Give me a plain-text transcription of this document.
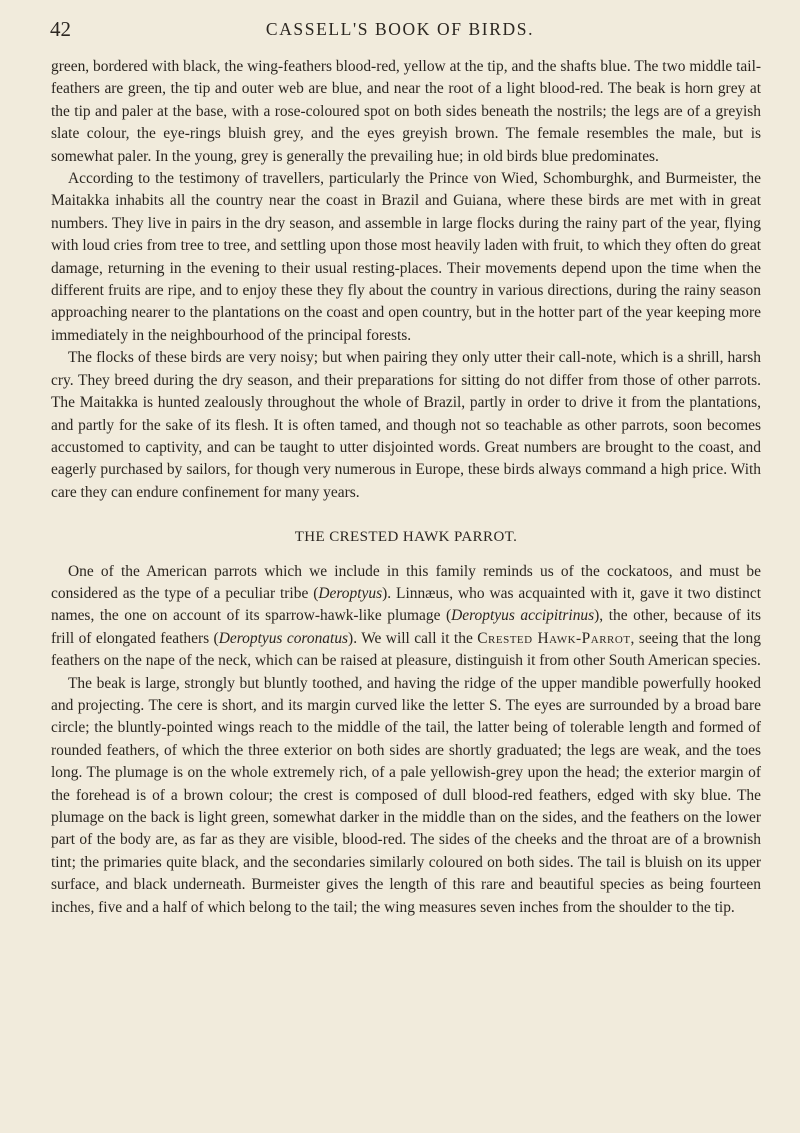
42	CASSELL'S BOOK OF BIRDS.

green, bordered with black, the wing-feathers blood-red, yellow at the tip, and the shafts blue. The two middle tail-feathers are green, the tip and outer web are blue, and near the root of a light blood-red. The beak is horn grey at the tip and paler at the base, with a rose-coloured spot on both sides beneath the nostrils; the legs are of a greyish slate colour, the eye-rings bluish grey, and the eyes greyish brown. The female resembles the male, but is somewhat paler. In the young, grey is generally the prevailing hue; in old birds blue predominates.

According to the testimony of travellers, particularly the Prince von Wied, Schomburghk, and Burmeister, the Maitakka inhabits all the country near the coast in Brazil and Guiana, where these birds are met with in great numbers. They live in pairs in the dry season, and assemble in large flocks during the rainy part of the year, flying with loud cries from tree to tree, and settling upon those most heavily laden with fruit, to which they often do great damage, returning in the evening to their usual resting-places. Their movements depend upon the time when the different fruits are ripe, and to enjoy these they fly about the country in various directions, during the rainy season approaching nearer to the plantations on the coast and open country, but in the hotter part of the year keeping more immediately in the neighbourhood of the principal forests.

The flocks of these birds are very noisy; but when pairing they only utter their call-note, which is a shrill, harsh cry. They breed during the dry season, and their preparations for sitting do not differ from those of other parrots. The Maitakka is hunted zealously throughout the whole of Brazil, partly in order to drive it from the plantations, and partly for the sake of its flesh. It is often tamed, and though not so teachable as other parrots, soon becomes accustomed to captivity, and can be taught to utter disjointed words. Great numbers are brought to the coast, and eagerly purchased by sailors, for though very numerous in Europe, these birds always command a high price. With care they can endure confinement for many years.

THE CRESTED HAWK PARROT.

One of the American parrots which we include in this family reminds us of the cockatoos, and must be considered as the type of a peculiar tribe (Deroptyus). Linnæus, who was acquainted with it, gave it two distinct names, the one on account of its sparrow-hawk-like plumage (Deroptyus accipitrinus), the other, because of its frill of elongated feathers (Deroptyus coronatus). We will call it the Crested Hawk-Parrot, seeing that the long feathers on the nape of the neck, which can be raised at pleasure, distinguish it from other South American species.

The beak is large, strongly but bluntly toothed, and having the ridge of the upper mandible powerfully hooked and projecting. The cere is short, and its margin curved like the letter S. The eyes are surrounded by a broad bare circle; the bluntly-pointed wings reach to the middle of the tail, the latter being of tolerable length and formed of rounded feathers, of which the three exterior on both sides are shortly graduated; the legs are weak, and the toes long. The plumage is on the whole extremely rich, of a pale yellowish-grey upon the head; the exterior margin of the forehead is of a brown colour; the crest is composed of dull blood-red feathers, edged with sky blue. The plumage on the back is light green, somewhat darker in the middle than on the sides, and the feathers on the lower part of the body are, as far as they are visible, blood-red. The sides of the cheeks and the throat are of a brownish tint; the primaries quite black, and the secondaries similarly coloured on both sides. The tail is bluish on its upper surface, and black underneath. Burmeister gives the length of this rare and beautiful species as being fourteen inches, five and a half of which belong to the tail; the wing measures seven inches from the shoulder to the tip.
